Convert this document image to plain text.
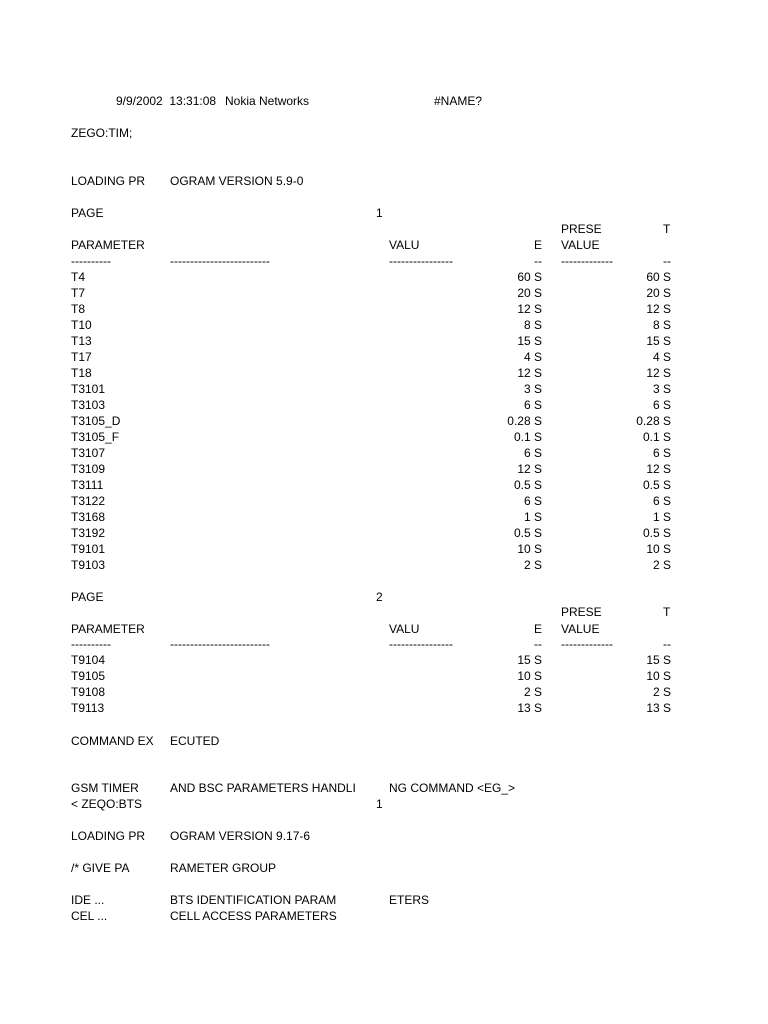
9/9/2002  13:31:08 Nokia Networks	#NAME?
ZEGO:TIM;
LOADING PR OGRAM VERSION 5.9-0
PAGE	1
PRESE	T
PARAMETER	VALU	E VALUE
----------	-------------------------	----------------	-- -------------	--
T4	60 S	60 S
T7	20 S	20 S
T8	12 S	12 S
T10	8 S	8 S
T13	15 S	15 S
T17	4 S	4 S
T18	12 S	12 S
T3101	3 S	3 S
T3103	6 S	6 S
T3105_D	0.28 S	0.28 S
T3105_F	0.1 S	0.1 S
T3107	6 S	6 S
T3109	12 S	12 S
T3111	0.5 S	0.5 S
T3122	6 S	6 S
T3168	1 S	1 S
T3192	0.5 S	0.5 S
T9101	10 S	10 S
T9103	2 S	2 S
PAGE	2
PRESE	T
PARAMETER	VALU	E VALUE
----------	-------------------------	----------------	-- -------------	--
T9104	15 S	15 S
T9105	10 S	10 S
T9108	2 S	2 S
T9113	13 S	13 S
COMMAND EX ECUTED
GSM TIMER	AND BSC PARAMETERS HANDLI	NG COMMAND <EG_>
< ZEQO:BTS	1
LOADING PR OGRAM VERSION 9.17-6
/* GIVE PA	RAMETER GROUP
IDE ...	BTS IDENTIFICATION PARAM	ETERS
CEL ...	CELL ACCESS PARAMETERS
